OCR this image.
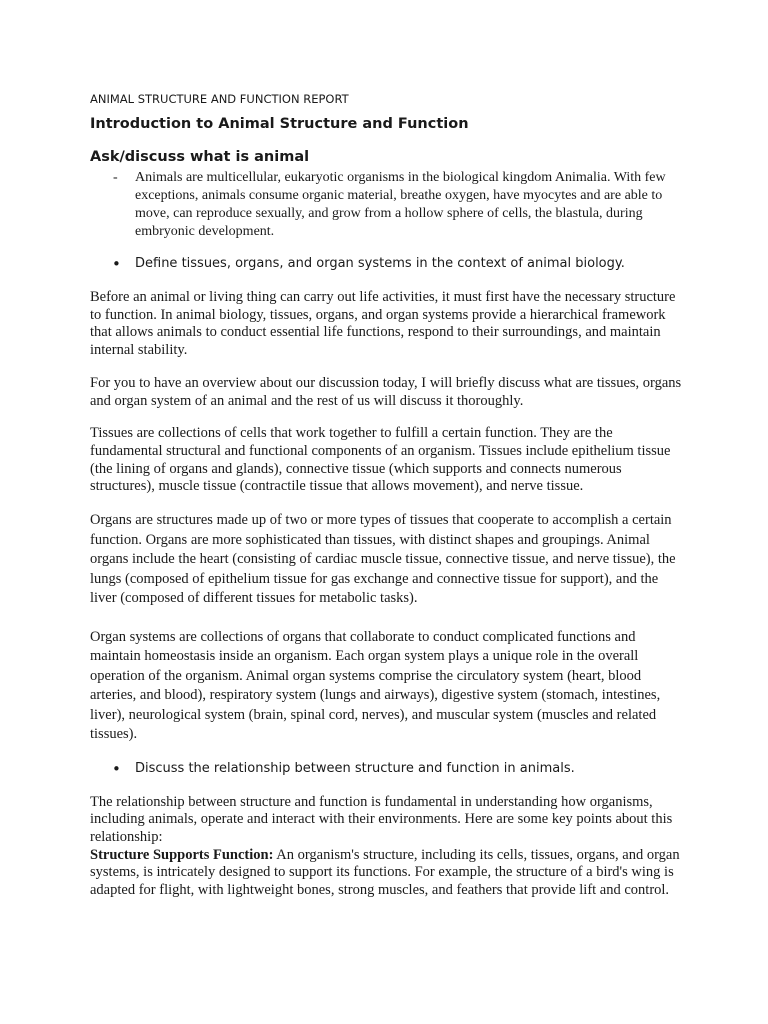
ANIMAL STRUCTURE AND FUNCTION REPORT
Introduction to Animal Structure and Function
Ask/discuss what is animal
-	Animals are multicellular, eukaryotic organisms in the biological kingdom Animalia. With few exceptions, animals consume organic material, breathe oxygen, have myocytes and are able to move, can reproduce sexually, and grow from a hollow sphere of cells, the blastula, during embryonic development.
•	Define tissues, organs, and organ systems in the context of animal biology.

Before an animal or living thing can carry out life activities, it must first have the necessary structure to function. In animal biology, tissues, organs, and organ systems provide a hierarchical framework that allows animals to conduct essential life functions, respond to their surroundings, and maintain internal stability.

For you to have an overview about our discussion today, I will briefly discuss what are tissues, organs and organ system of an animal and the rest of us will discuss it thoroughly.

Tissues are collections of cells that work together to fulfill a certain function. They are the fundamental structural and functional components of an organism. Tissues include epithelium tissue (the lining of organs and glands), connective tissue (which supports and connects numerous structures), muscle tissue (contractile tissue that allows movement), and nerve tissue.

Organs are structures made up of two or more types of tissues that cooperate to accomplish a certain function. Organs are more sophisticated than tissues, with distinct shapes and groupings. Animal organs include the heart (consisting of cardiac muscle tissue, connective tissue, and nerve tissue), the lungs (composed of epithelium tissue for gas exchange and connective tissue for support), and the liver (composed of different tissues for metabolic tasks).

Organ systems are collections of organs that collaborate to conduct complicated functions and maintain homeostasis inside an organism. Each organ system plays a unique role in the overall operation of the organism. Animal organ systems comprise the circulatory system (heart, blood arteries, and blood), respiratory system (lungs and airways), digestive system (stomach, intestines, liver), neurological system (brain, spinal cord, nerves), and muscular system (muscles and related tissues).

•	Discuss the relationship between structure and function in animals.

The relationship between structure and function is fundamental in understanding how organisms, including animals, operate and interact with their environments. Here are some key points about this relationship:

Structure Supports Function: An organism's structure, including its cells, tissues, organs, and organ systems, is intricately designed to support its functions. For example, the structure of a bird's wing is adapted for flight, with lightweight bones, strong muscles, and feathers that provide lift and control.
